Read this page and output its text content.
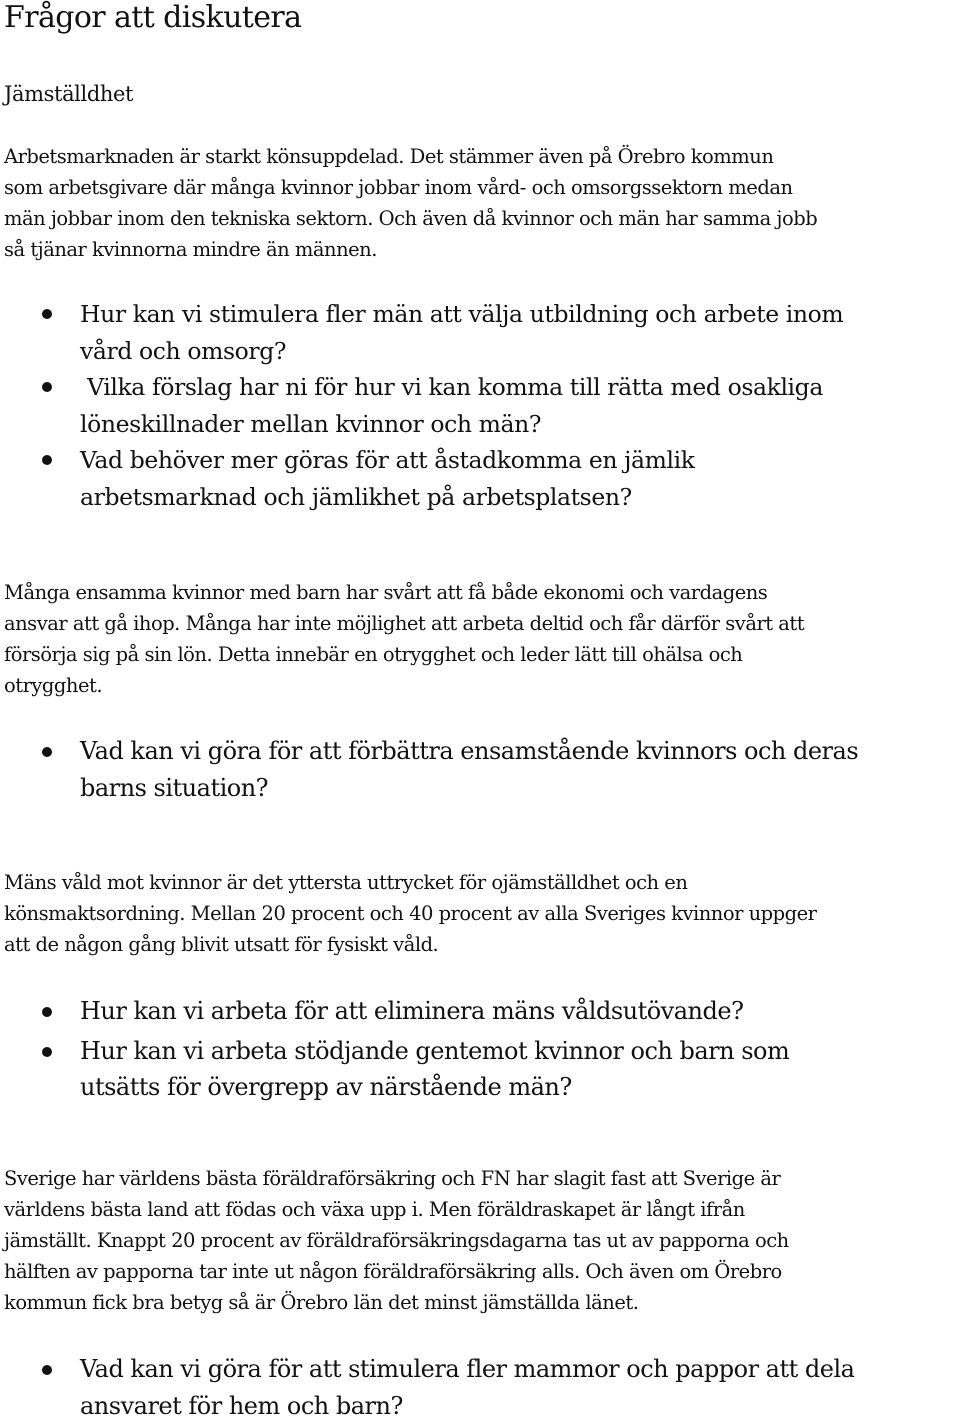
Frågor att diskutera
Jämställdhet

Arbetsmarknaden är starkt könsuppdelad. Det stämmer även på Örebro kommun
som arbetsgivare där många kvinnor jobbar inom vård- och omsorgssektorn medan
män jobbar inom den tekniska sektorn. Och även då kvinnor och män har samma jobb
så tjänar kvinnorna mindre än männen.

Hur kan vi stimulera fler män att välja utbildning och arbete inom
vård och omsorg?
Vilka förslag har ni för hur vi kan komma till rätta med osakliga
löneskillnader mellan kvinnor och män?
Vad behöver mer göras för att åstadkomma en jämlik
arbetsmarknad och jämlikhet på arbetsplatsen?

Många ensamma kvinnor med barn har svårt att få både ekonomi och vardagens
ansvar att gå ihop. Många har inte möjlighet att arbeta deltid och får därför svårt att
försörja sig på sin lön. Detta innebär en otrygghet och leder lätt till ohälsa och
otrygghet.

Vad kan vi göra för att förbättra ensamstående kvinnors och deras
barns situation?

Mäns våld mot kvinnor är det yttersta uttrycket för ojämställdhet och en
könsmaktsordning. Mellan 20 procent och 40 procent av alla Sveriges kvinnor uppger
att de någon gång blivit utsatt för fysiskt våld.

Hur kan vi arbeta för att eliminera mäns våldsutövande?
Hur kan vi arbeta stödjande gentemot kvinnor och barn som
utsätts för övergrepp av närstående män?

Sverige har världens bästa föräldraförsäkring och FN har slagit fast att Sverige är
världens bästa land att födas och växa upp i. Men föräldraskapet är långt ifrån
jämställt. Knappt 20 procent av föräldraförsäkringsdagarna tas ut av papporna och
hälften av papporna tar inte ut någon föräldraförsäkring alls. Och även om Örebro
kommun fick bra betyg så är Örebro län det minst jämställda länet.

Vad kan vi göra för att stimulera fler mammor och pappor att dela
ansvaret för hem och barn?
